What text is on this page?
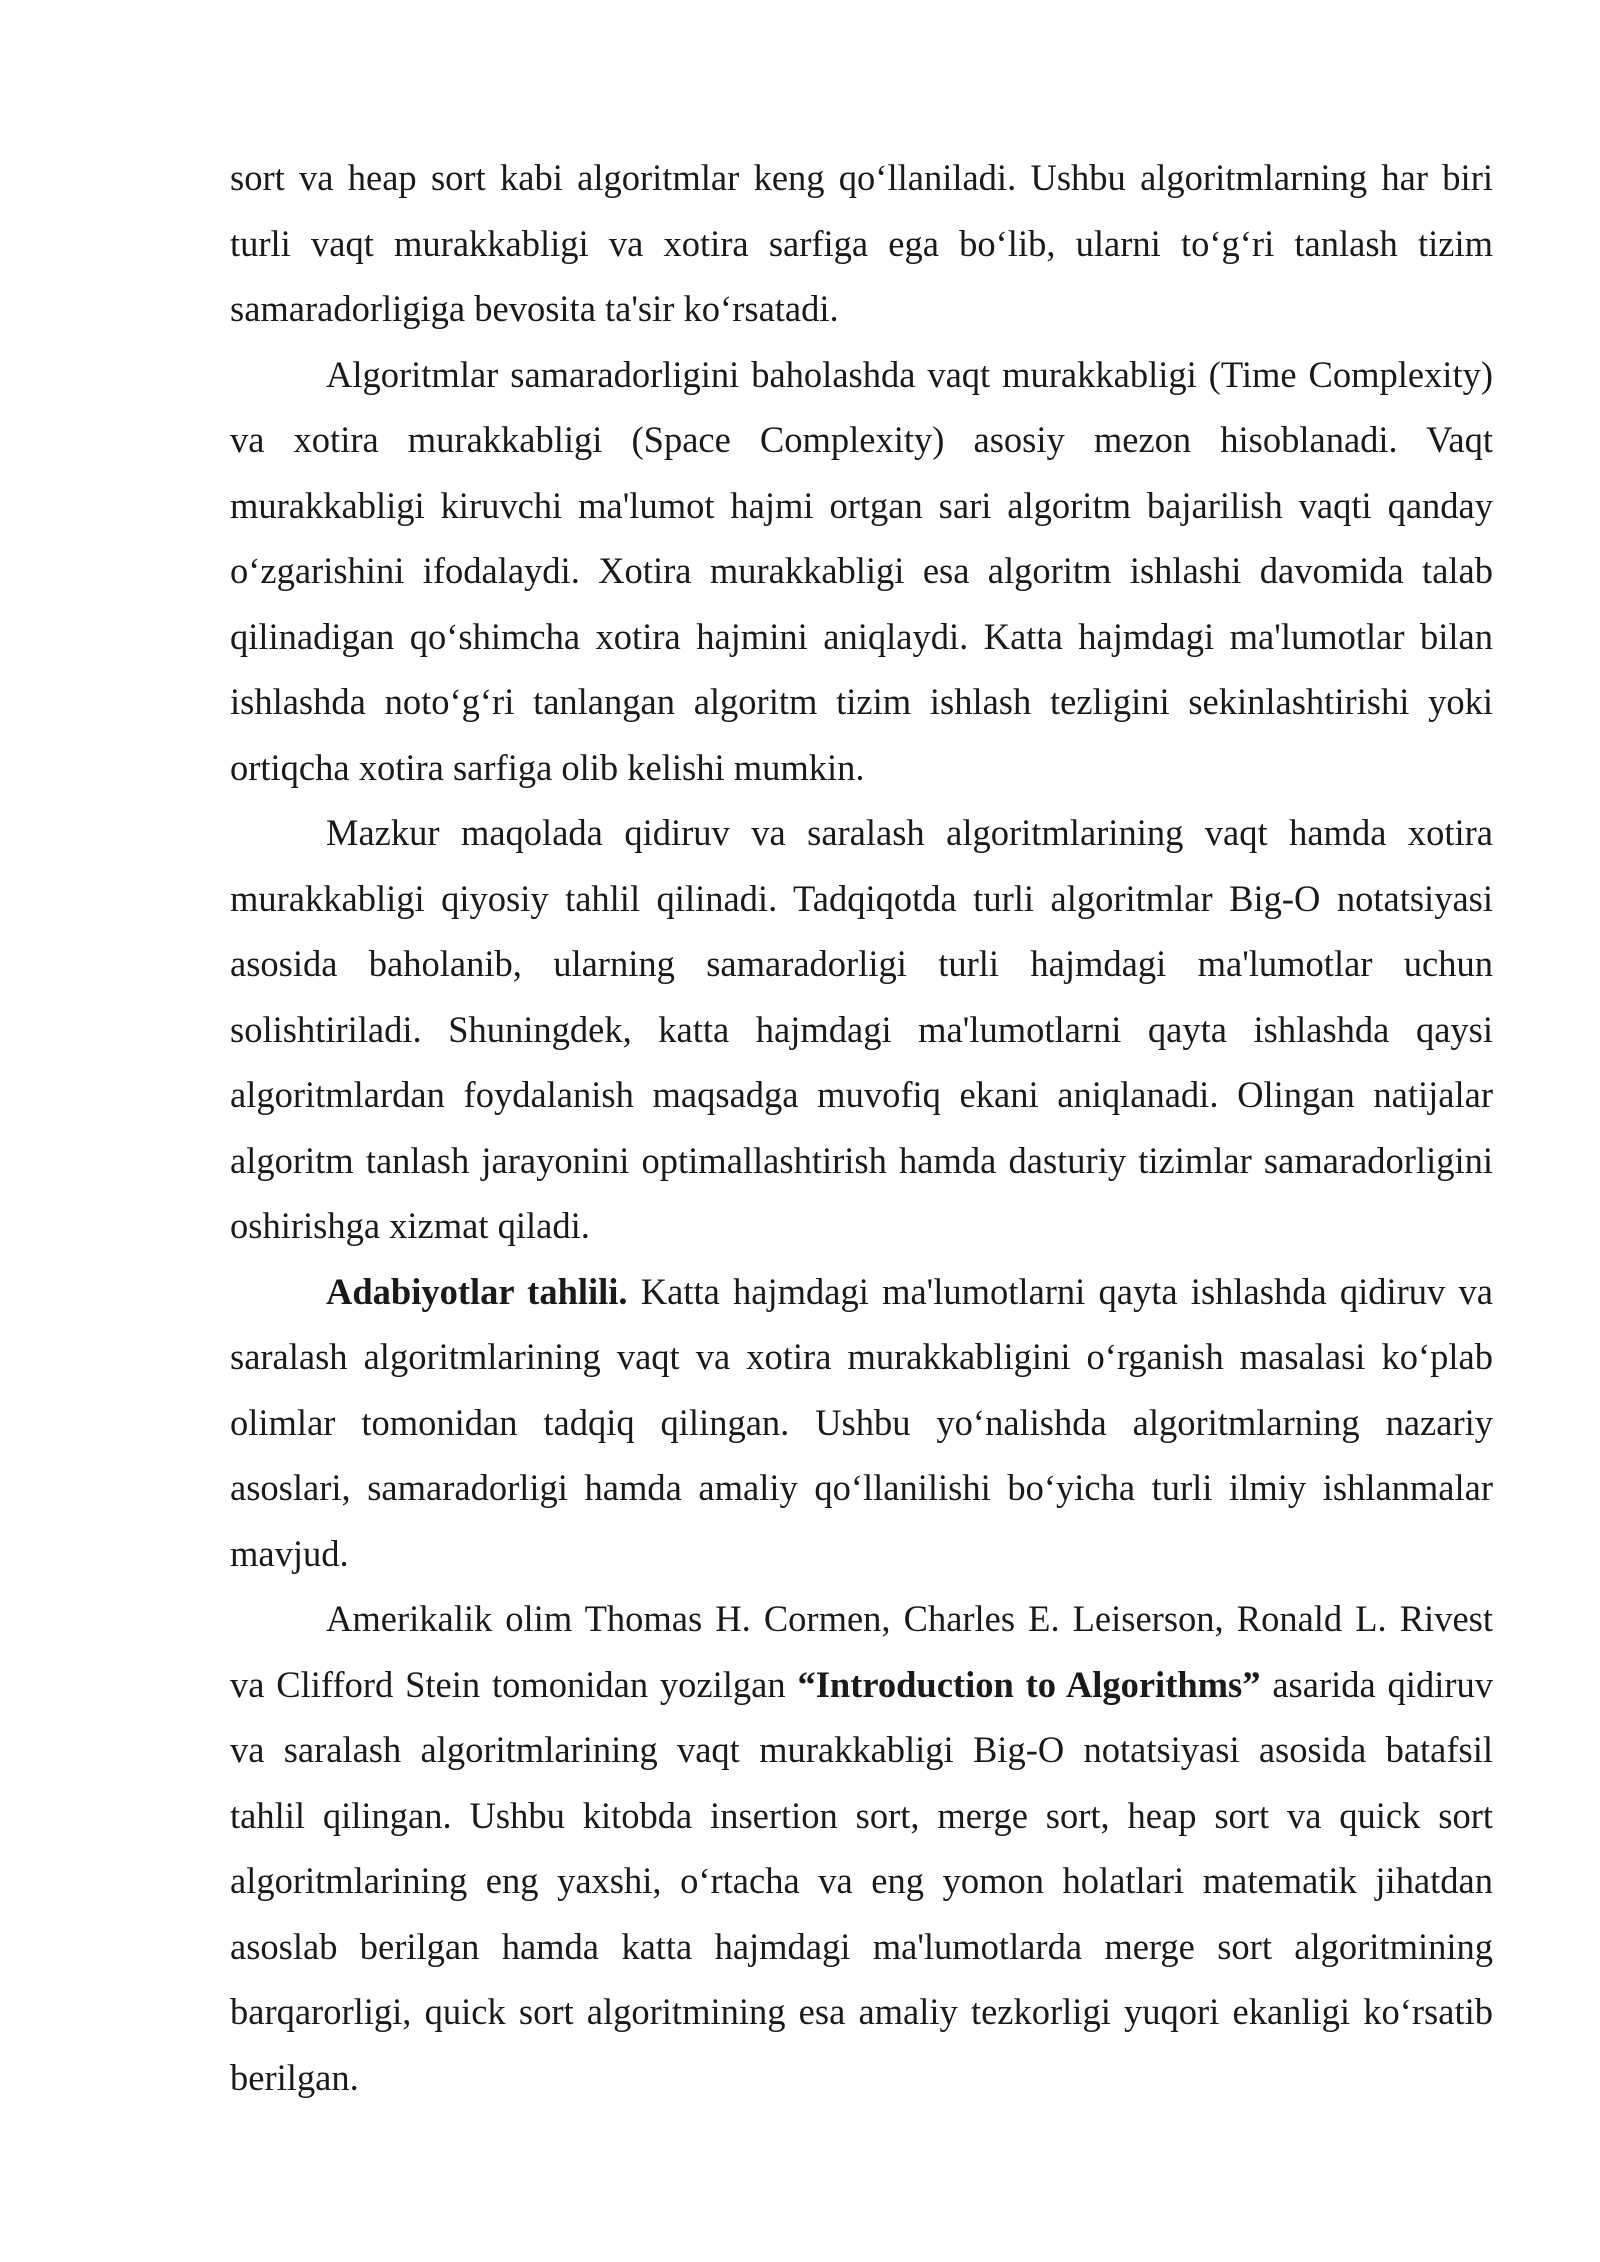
sort va heap sort kabi algoritmlar keng qo‘llaniladi. Ushbu algoritmlarning har biri turli vaqt murakkabligi va xotira sarfiga ega bo‘lib, ularni to‘g‘ri tanlash tizim samaradorligiga bevosita ta'sir ko‘rsatadi.

Algoritmlar samaradorligini baholashda vaqt murakkabligi (Time Complexity) va xotira murakkabligi (Space Complexity) asosiy mezon hisoblanadi. Vaqt murakkabligi kiruvchi ma'lumot hajmi ortgan sari algoritm bajarilish vaqti qanday o‘zgarishini ifodalaydi. Xotira murakkabligi esa algoritm ishlashi davomida talab qilinadigan qo‘shimcha xotira hajmini aniqlaydi. Katta hajmdagi ma'lumotlar bilan ishlashda noto‘g‘ri tanlangan algoritm tizim ishlash tezligini sekinlashtirishi yoki ortiqcha xotira sarfiga olib kelishi mumkin.

Mazkur maqolada qidiruv va saralash algoritmlarining vaqt hamda xotira murakkabligi qiyosiy tahlil qilinadi. Tadqiqotda turli algoritmlar Big-O notatsiyasi asosida baholanib, ularning samaradorligi turli hajmdagi ma'lumotlar uchun solishtiriladi. Shuningdek, katta hajmdagi ma'lumotlarni qayta ishlashda qaysi algoritmlardan foydalanish maqsadga muvofiq ekani aniqlanadi. Olingan natijalar algoritm tanlash jarayonini optimallashtirish hamda dasturiy tizimlar samaradorligini oshirishga xizmat qiladi.

Adabiyotlar tahlili. Katta hajmdagi ma'lumotlarni qayta ishlashda qidiruv va saralash algoritmlarining vaqt va xotira murakkabligini o‘rganish masalasi ko‘plab olimlar tomonidan tadqiq qilingan. Ushbu yo‘nalishda algoritmlarning nazariy asoslari, samaradorligi hamda amaliy qo‘llanilishi bo‘yicha turli ilmiy ishlanmalar mavjud.

Amerikalik olim Thomas H. Cormen, Charles E. Leiserson, Ronald L. Rivest va Clifford Stein tomonidan yozilgan “Introduction to Algorithms” asarida qidiruv va saralash algoritmlarining vaqt murakkabligi Big-O notatsiyasi asosida batafsil tahlil qilingan. Ushbu kitobda insertion sort, merge sort, heap sort va quick sort algoritmlarining eng yaxshi, o‘rtacha va eng yomon holatlari matematik jihatdan asoslab berilgan hamda katta hajmdagi ma'lumotlarda merge sort algoritmining barqarorligi, quick sort algoritmining esa amaliy tezkorligi yuqori ekanligi ko‘rsatib berilgan.
